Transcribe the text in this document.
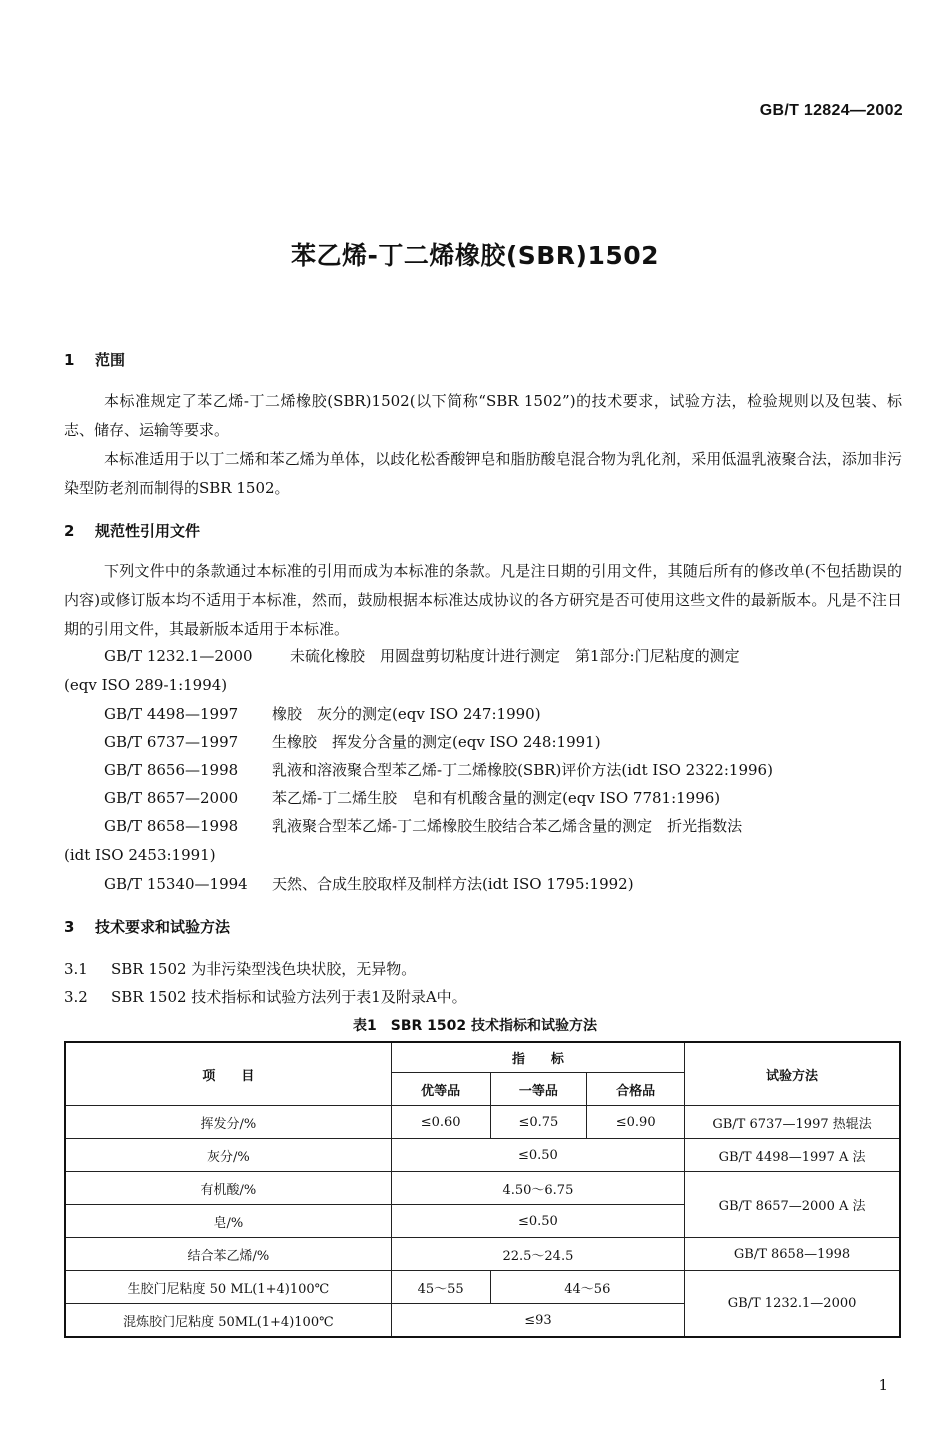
GB/T 12824—2002
苯乙烯-丁二烯橡胶(SBR)1502
1 范围

本标准规定了苯乙烯-丁二烯橡胶(SBR)1502(以下简称“SBR 1502”)的技术要求，试验方法，检验规则以及包装、标志、储存、运输等要求。

本标准适用于以丁二烯和苯乙烯为单体，以歧化松香酸钾皂和脂肪酸皂混合物为乳化剂，采用低温乳液聚合法，添加非污染型防老剂而制得的SBR 1502。

2 规范性引用文件

下列文件中的条款通过本标准的引用而成为本标准的条款。凡是注日期的引用文件，其随后所有的修改单(不包括勘误的内容)或修订版本均不适用于本标准，然而，鼓励根据本标准达成协议的各方研究是否可使用这些文件的最新版本。凡是不注日期的引用文件，其最新版本适用于本标准。

GB/T 1232.1—2000	未硫化橡胶　用圆盘剪切粘度计进行测定　第1部分:门尼粘度的测定
(eqv ISO 289-1:1994)
GB/T 4498—1997 橡胶　灰分的测定(eqv ISO 247:1990)
GB/T 6737—1997 生橡胶　挥发分含量的测定(eqv ISO 248:1991)
GB/T 8656—1998 乳液和溶液聚合型苯乙烯-丁二烯橡胶(SBR)评价方法(idt ISO 2322:1996)
GB/T 8657—2000 苯乙烯-丁二烯生胶　皂和有机酸含量的测定(eqv ISO 7781:1996)
GB/T 8658—1998 乳液聚合型苯乙烯-丁二烯橡胶生胶结合苯乙烯含量的测定　折光指数法
(idt ISO 2453:1991)
GB/T 15340—1994 天然、合成生胶取样及制样方法(idt ISO 1795:1992)
3 技术要求和试验方法
3.1 SBR 1502 为非污染型浅色块状胶，无异物。
3.2 SBR 1502 技术指标和试验方法列于表1及附录A中。
表1 SBR 1502 技术指标和试验方法
项　　目	指　　标			试验方法
	优等品	一等品	合格品	
挥发分/%	≤0.60	≤0.75	≤0.90	GB/T 6737—1997 热辊法
灰分/%	≤0.50			GB/T 4498—1997 A 法
有机酸/%	4.50～6.75			GB/T 8657—2000 A 法
皂/%	≤0.50			
结合苯乙烯/%	22.5～24.5			GB/T 8658—1998
生胶门尼粘度 50 ML(1+4)100℃	45～55	44～56		GB/T 1232.1—2000
混炼胶门尼粘度 50ML(1+4)100℃	≤93			
1
